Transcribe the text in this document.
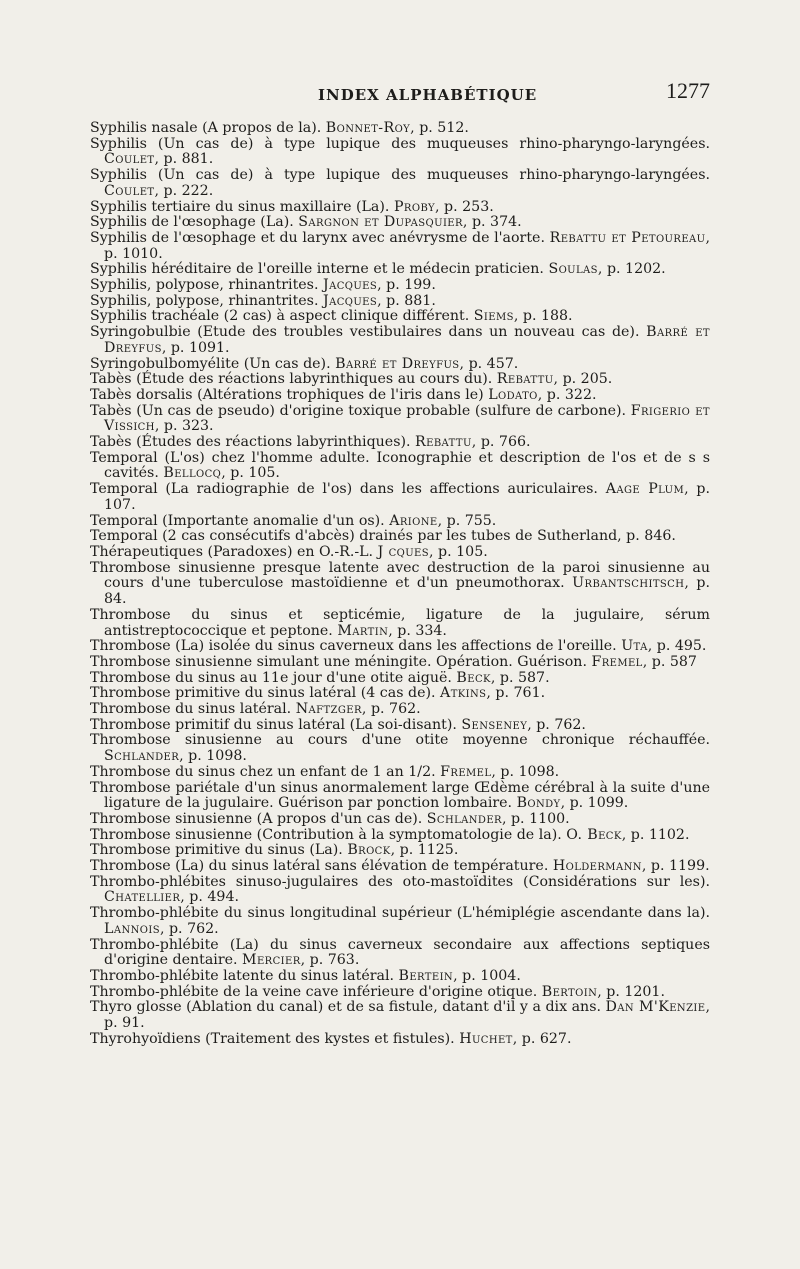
INDEX ALPHABÉTIQUE	1277
Syphilis nasale (A propos de la). Bonnet-Roy, p. 512.
Syphilis (Un cas de) à type lupique des muqueuses rhino-pharyngo-laryngées. Coulet, p. 881.
Syphilis (Un cas de) à type lupique des muqueuses rhino-pharyngo-laryngées. Coulet, p. 222.
Syphilis tertiaire du sinus maxillaire (La). Proby, p. 253.
Syphilis de l'œsophage (La). Sargnon et Dupasquier, p. 374.
Syphilis de l'œsophage et du larynx avec anévrysme de l'aorte. Rebattu et Petoureau, p. 1010.
Syphilis héréditaire de l'oreille interne et le médecin praticien. Soulas, p. 1202.
Syphilis, polypose, rhinantrites. Jacques, p. 199.
Syphilis, polypose, rhinantrites. Jacques, p. 881.
Syphilis trachéale (2 cas) à aspect clinique différent. Siems, p. 188.
Syringobulbie (Etude des troubles vestibulaires dans un nouveau cas de). Barré et Dreyfus, p. 1091.
Syringobulbomyélite (Un cas de). Barré et Dreyfus, p. 457.
Tabès (Étude des réactions labyrinthiques au cours du). Rebattu, p. 205.
Tabès dorsalis (Altérations trophiques de l'iris dans le) Lodato, p. 322.
Tabès (Un cas de pseudo) d'origine toxique probable (sulfure de carbone). Frigerio et Vissich, p. 323.
Tabès (Études des réactions labyrinthiques). Rebattu, p. 766.
Temporal (L'os) chez l'homme adulte. Iconographie et description de l'os et de s s cavités. Bellocq, p. 105.
Temporal (La radiographie de l'os) dans les affections auriculaires. Aage Plum, p. 107.
Temporal (Importante anomalie d'un os). Arione, p. 755.
Temporal (2 cas consécutifs d'abcès) drainés par les tubes de Sutherland, p. 846.
Thérapeutiques (Paradoxes) en O.-R.-L. J cques, p. 105.
Thrombose sinusienne presque latente avec destruction de la paroi sinusienne au cours d'une tuberculose mastoïdienne et d'un pneumothorax. Urbantschitsch, p. 84.
Thrombose du sinus et septicémie, ligature de la jugulaire, sérum antistreptococcique et peptone. Martin, p. 334.
Thrombose (La) isolée du sinus caverneux dans les affections de l'oreille. Uta, p. 495.
Thrombose sinusienne simulant une méningite. Opération. Guérison. Fremel, p. 587
Thrombose du sinus au 11e jour d'une otite aiguë. Beck, p. 587.
Thrombose primitive du sinus latéral (4 cas de). Atkins, p. 761.
Thrombose du sinus latéral. Naftzger, p. 762.
Thrombose primitif du sinus latéral (La soi-disant). Senseney, p. 762.
Thrombose sinusienne au cours d'une otite moyenne chronique réchauffée. Schlander, p. 1098.
Thrombose du sinus chez un enfant de 1 an 1/2. Fremel, p. 1098.
Thrombose pariétale d'un sinus anormalement large Œdème cérébral à la suite d'une ligature de la jugulaire. Guérison par ponction lombaire. Bondy, p. 1099.
Thrombose sinusienne (A propos d'un cas de). Schlander, p. 1100.
Thrombose sinusienne (Contribution à la symptomatologie de la). O. Beck, p. 1102.
Thrombose primitive du sinus (La). Brock, p. 1125.
Thrombose (La) du sinus latéral sans élévation de température. Holdermann, p. 1199.
Thrombo-phlébites sinuso-jugulaires des oto-mastoïdites (Considérations sur les). Chatellier, p. 494.
Thrombo-phlébite du sinus longitudinal supérieur (L'hémiplégie ascendante dans la). Lannois, p. 762.
Thrombo-phlébite (La) du sinus caverneux secondaire aux affections septiques d'origine dentaire. Mercier, p. 763.
Thrombo-phlébite latente du sinus latéral. Bertein, p. 1004.
Thrombo-phlébite de la veine cave inférieure d'origine otique. Bertoin, p. 1201.
Thyro glosse (Ablation du canal) et de sa fistule, datant d'il y a dix ans. Dan M'Kenzie, p. 91.
Thyrohyoïdiens (Traitement des kystes et fistules). Huchet, p. 627.
